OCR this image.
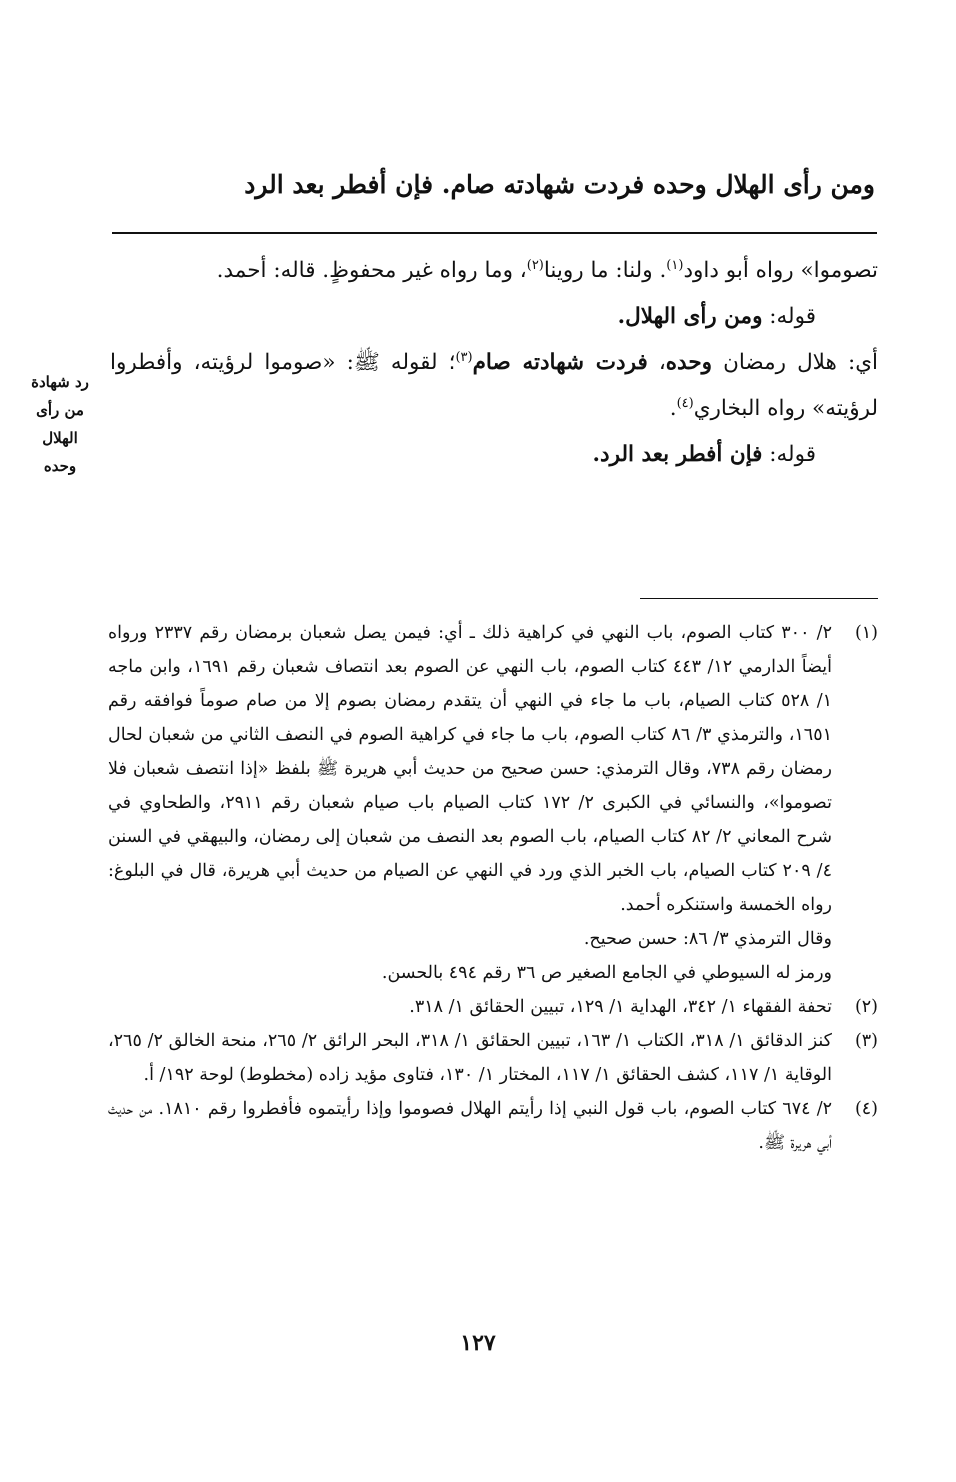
ومن رأى الهلال وحده فردت شهادته صام. فإن أفطر بعد الرد

تصوموا» رواه أبو داود$^{(١)}$. ولنا: ما روينا$^{(٢)}$، وما رواه غير محفوظٍ. قاله: أحمد.

قوله: ومن رأى الهلال.

أي: هلال رمضان وحده، فردت شهادته صام$^{(٣)}$؛ لقوله ﷺ: «صوموا لرؤيته، وأفطروا لرؤيته» رواه البخاري$^{(٤)}$.

قوله: فإن أفطر بعد الرد.

رد شهادة
من رأى
الهلال
وحده
(١)

٢/ ٣٠٠ كتاب الصوم، باب النهي في كراهية ذلك ـ أي: فيمن يصل شعبان برمضان رقم ٢٣٣٧ ورواه أيضاً الدارمي ١٢/ ٤٤٣ كتاب الصوم، باب النهي عن الصوم بعد انتصاف شعبان رقم ١٦٩١، وابن ماجه ١/ ٥٢٨ كتاب الصيام، باب ما جاء في النهي أن يتقدم رمضان بصوم إلا من صام صوماً فوافقه رقم ١٦٥١، والترمذي ٣/ ٨٦ كتاب الصوم، باب ما جاء في كراهية الصوم في النصف الثاني من شعبان لحال رمضان رقم ٧٣٨، وقال الترمذي: حسن صحيح من حديث أبي هريرة ﷺ بلفظ «إذا انتصف شعبان فلا تصوموا»، والنسائي في الكبرى ٢/ ١٧٢ كتاب الصيام باب صيام شعبان رقم ٢٩١١، والطحاوي في شرح المعاني ٢/ ٨٢ كتاب الصيام، باب الصوم بعد النصف من شعبان إلى رمضان، والبيهقي في السنن ٤/ ٢٠٩ كتاب الصيام، باب الخبر الذي ورد في النهي عن الصيام من حديث أبي هريرة، قال في البلوغ: رواه الخمسة واستنكره أحمد.

وقال الترمذي ٣/ ٨٦: حسن صحيح.

ورمز له السيوطي في الجامع الصغير ص ٣٦ رقم ٤٩٤ بالحسن.

(٢)

تحفة الفقهاء ١/ ٣٤٢، الهداية ١/ ١٢٩، تبيين الحقائق ١/ ٣١٨.

(٣)

كنز الدقائق ١/ ٣١٨، الكتاب ١/ ١٦٣، تبيين الحقائق ١/ ٣١٨، البحر الرائق ٢/ ٢٦٥، منحة الخالق ٢/ ٢٦٥، الوقاية ١/ ١١٧، كشف الحقائق ١/ ١١٧، المختار ١/ ١٣٠، فتاوى مؤيد زاده (مخطوط) لوحة ١٩٢/ أ.

(٤)

٢/ ٦٧٤ كتاب الصوم، باب قول النبي إذا رأيتم الهلال فصوموا وإذا رأيتموه فأفطروا رقم ١٨١٠. من حديث أبي هريرة ﷺ.

١٢٧
